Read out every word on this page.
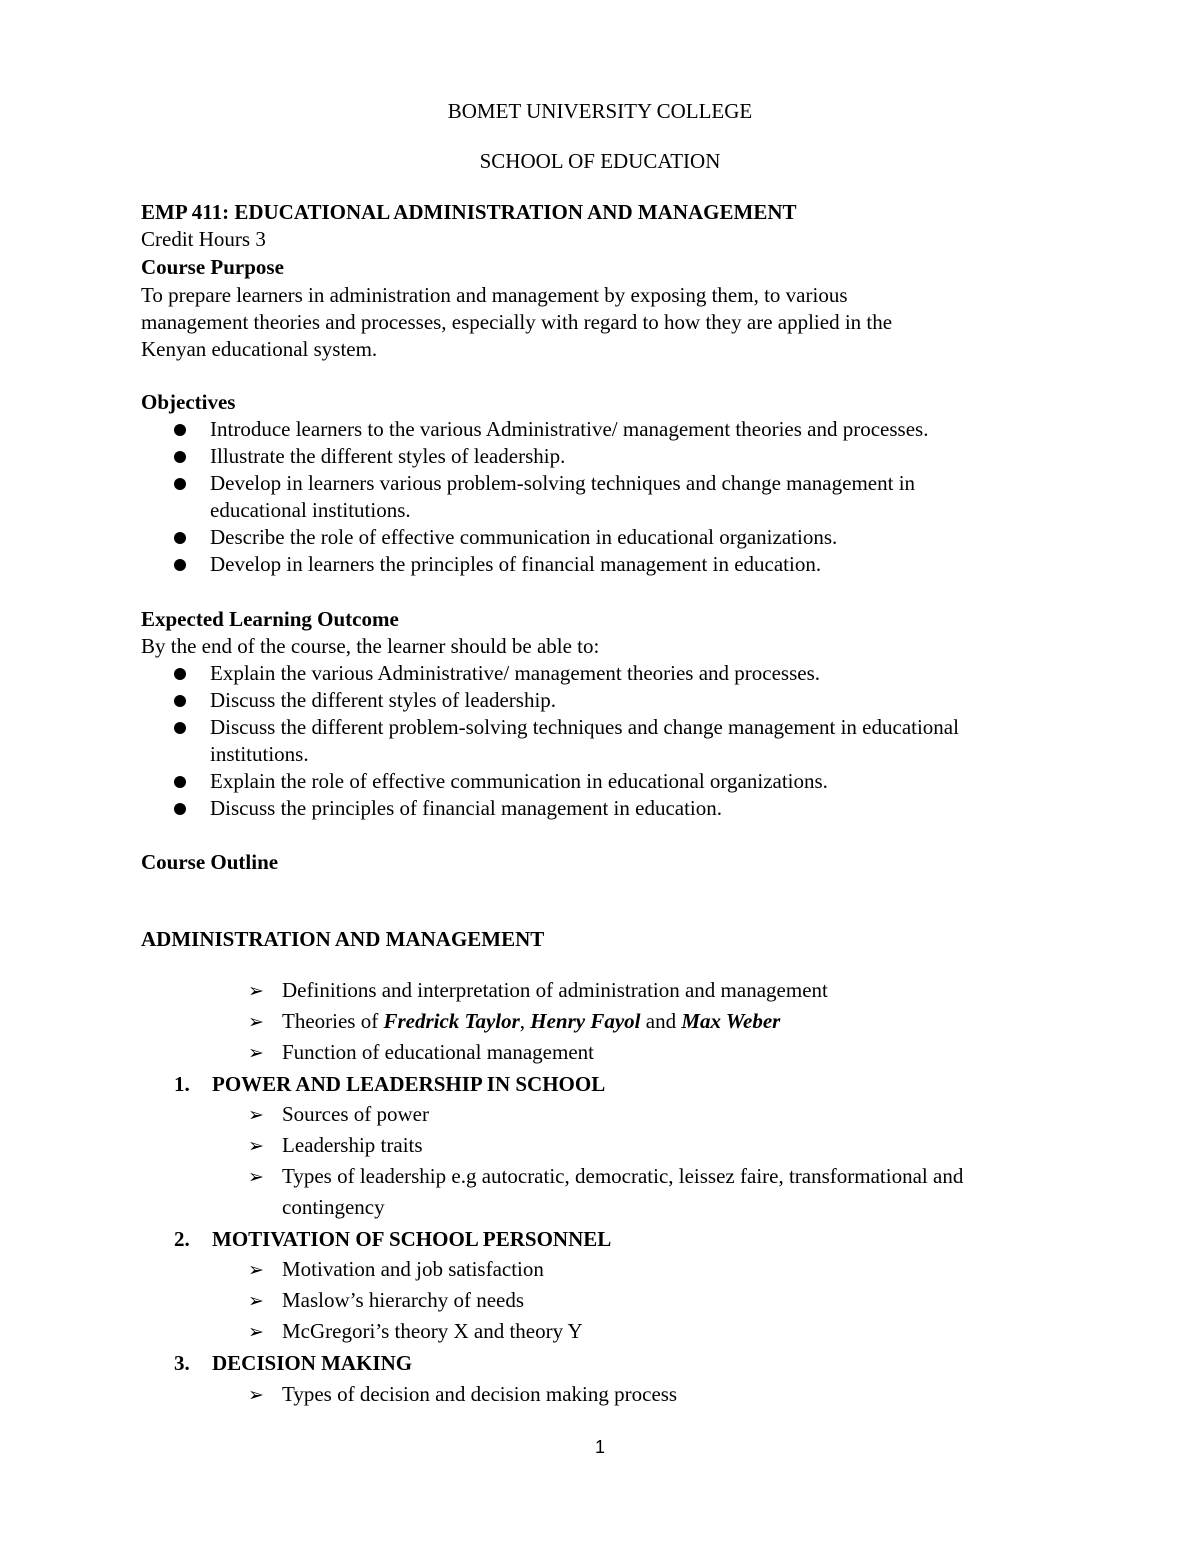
BOMET UNIVERSITY COLLEGE

SCHOOL OF EDUCATION

EMP 411: EDUCATIONAL ADMINISTRATION AND MANAGEMENT

Credit Hours 3

Course Purpose

To prepare learners in administration and management by exposing them, to various

management theories and processes, especially with regard to how they are applied in the

Kenyan educational system.

Objectives

Introduce learners to the various Administrative/ management theories and processes.

Illustrate the different styles of leadership.

Develop in learners various problem-solving techniques and change management in

educational institutions.

Describe the role of effective communication in educational organizations.

Develop in learners the principles of financial management in education.

Expected Learning Outcome

By the end of the course, the learner should be able to:

Explain the various Administrative/ management theories and processes.

Discuss the different styles of leadership.

Discuss the different problem-solving techniques and change management in educational

institutions.

Explain the role of effective communication in educational organizations.

Discuss the principles of financial management in education.

Course Outline

ADMINISTRATION AND MANAGEMENT

➢ Definitions and interpretation of administration and management

➢ Theories of Fredrick Taylor, Henry Fayol and Max Weber

➢ Function of educational management

1. POWER AND LEADERSHIP IN SCHOOL

➢ Sources of power

➢ Leadership traits

➢ Types of leadership e.g autocratic, democratic, leissez faire, transformational and

contingency

2. MOTIVATION OF SCHOOL PERSONNEL

➢ Motivation and job satisfaction

➢ Maslow’s hierarchy of needs

➢ McGregori’s theory X and theory Y

3. DECISION MAKING

➢ Types of decision and decision making process

1
